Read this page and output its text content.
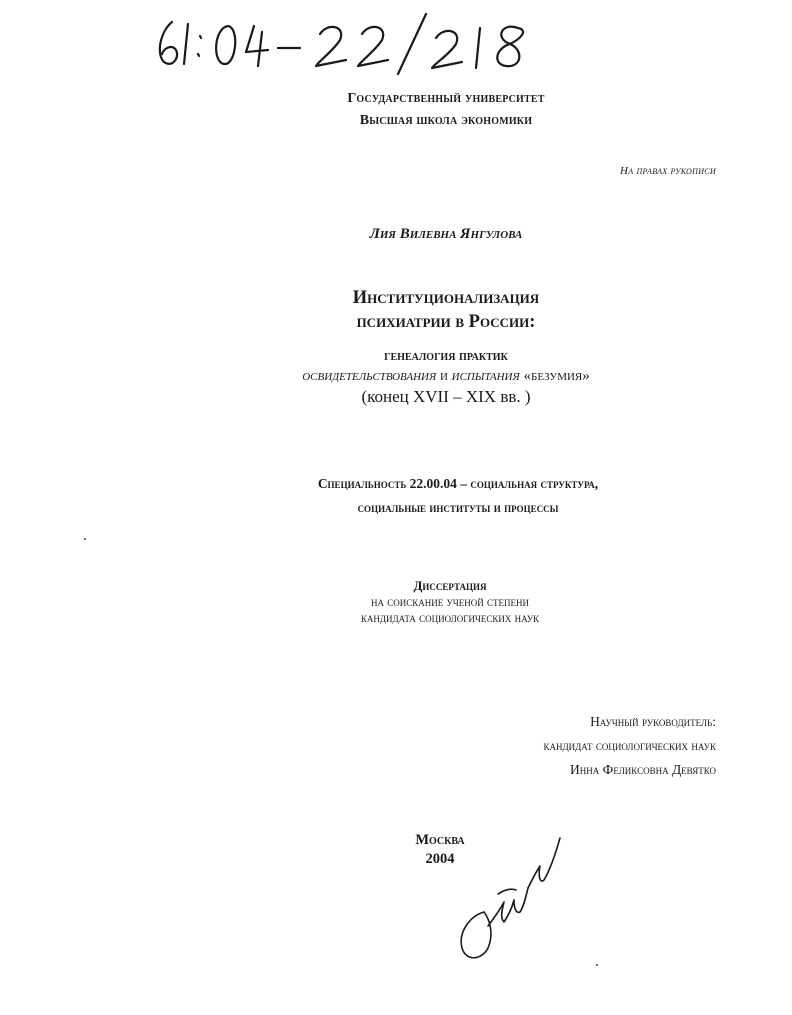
Государственный университет
Высшая школа экономики
На правах рукописи
Лия Вилевна Янгулова
Институционализация
психиатрии в России:
генеалогия практик
освидетельствования и испытания «безумия»
(конец XVII – XIX вв. )
Специальность 22.00.04 – социальная структура,
социальные институты и процессы
Диссертация
на соискание ученой степени
кандидата социологических наук
Научный руководитель:
кандидат социологических наук
Инна Феликсовна Девятко
Москва
2004
